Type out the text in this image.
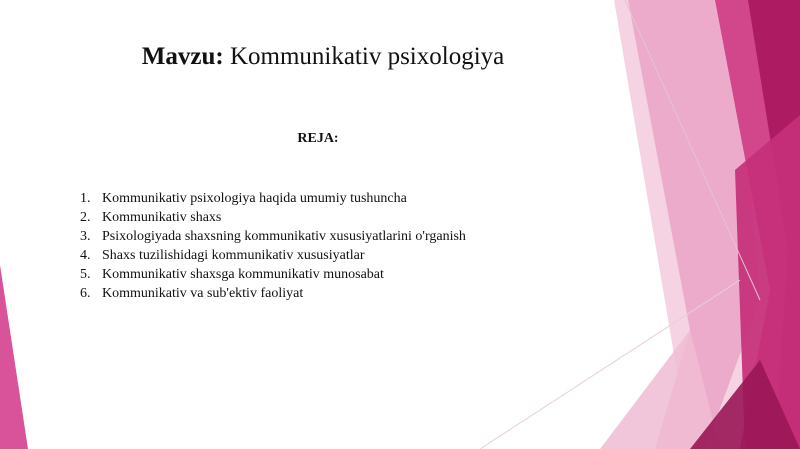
Mavzu: Kommunikativ psixologiya
REJA:
1. Kommunikativ psixologiya haqida umumiy tushuncha
2. Kommunikativ shaxs
3. Psixologiyada shaxsning kommunikativ xususiyatlarini o'rganish
4. Shaxs tuzilishidagi kommunikativ xususiyatlar
5. Kommunikativ shaxsga kommunikativ munosabat
6. Kommunikativ va sub'ektiv faoliyat
